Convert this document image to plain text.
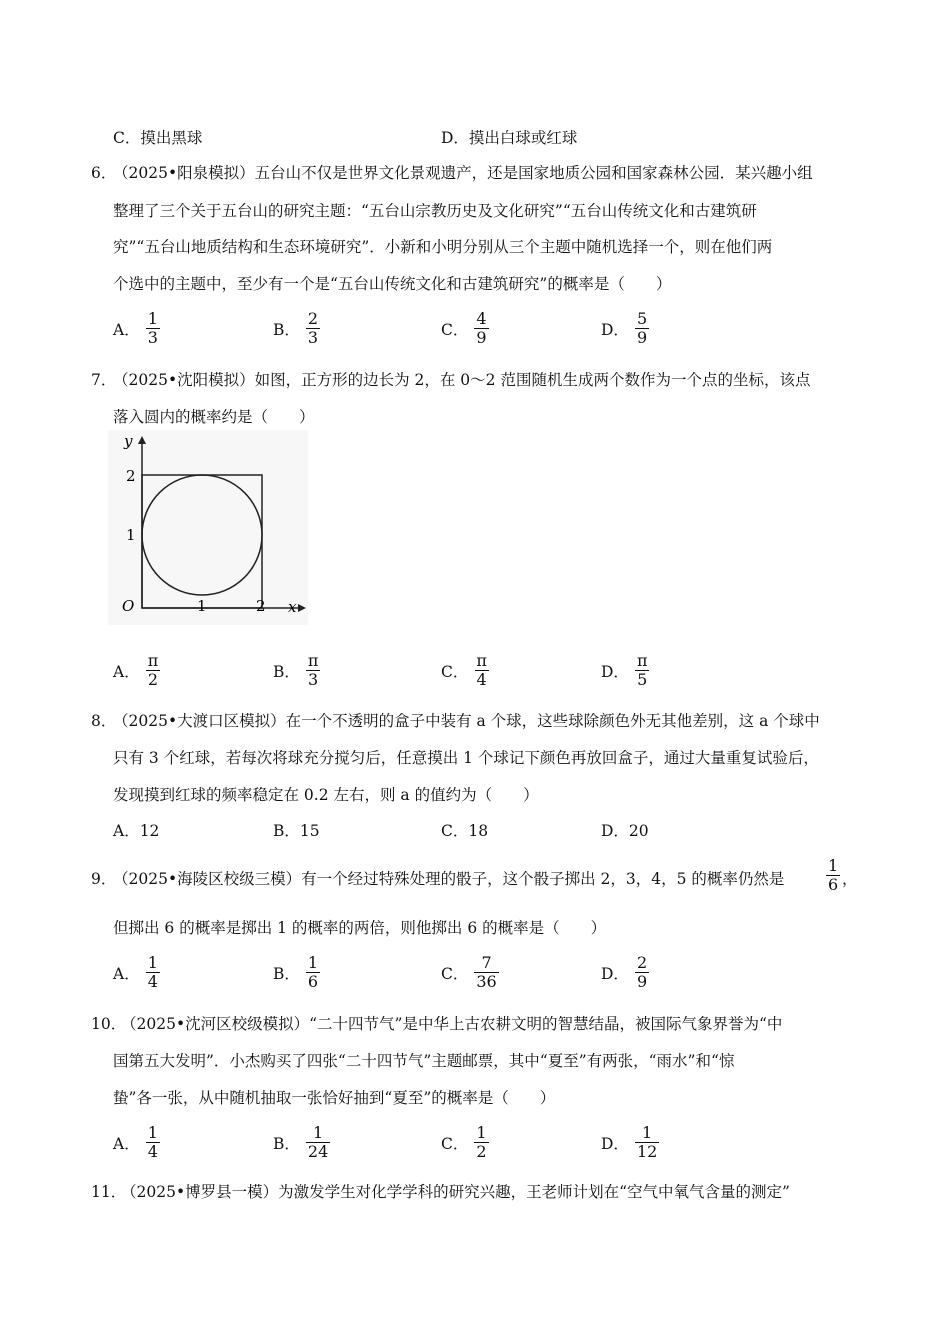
C．摸出黑球	D．摸出白球或红球
6．
（2025•阳泉模拟）五台山不仅是世界文化景观遗产，还是国家地质公园和国家森林公园．某兴趣小组
整理了三个关于五台山的研究主题：“五台山宗教历史及文化研究”“五台山传统文化和古建筑研
究”“五台山地质结构和生态环境研究”．小新和小明分别从三个主题中随机选择一个，则在他们两
个选中的主题中，至少有一个是“五台山传统文化和古建筑研究”的概率是（　　）
A． $\frac{1}{3}$	B． $\frac{2}{3}$	C． $\frac{4}{9}$	D． $\frac{5}{9}$
7．
（2025•沈阳模拟）如图，正方形的边长为 2，在 0～2 范围随机生成两个数作为一个点的坐标，该点
落入圆内的概率约是（　　）
y
x
O
2
1
1	2
A． $\frac{\pi}{2}$	B． $\frac{\pi}{3}$	C． $\frac{\pi}{4}$	D． $\frac{\pi}{5}$
8．
（2025•大渡口区模拟）在一个不透明的盒子中装有 a 个球，这些球除颜色外无其他差别，这 a 个球中
只有 3 个红球，若每次将球充分搅匀后，任意摸出 1 个球记下颜色再放回盒子，通过大量重复试验后，
发现摸到红球的频率稳定在 0.2 左右，则 a 的值约为（　　）
A．12	B．15	C．18	D．20
9．
（2025•海陵区校级三模）有一个经过特殊处理的骰子，这个骰子掷出 2，3，4，5 的概率仍然是	$\frac{1}{6}$ ，
但掷出 6 的概率是掷出 1 的概率的两倍，则他掷出 6 的概率是（　　）
A． $\frac{1}{4}$	B． $\frac{1}{6}$	C． $\frac{7}{36}$	D． $\frac{2}{9}$
10．
（2025•沈河区校级模拟）“二十四节气”是中华上古农耕文明的智慧结晶，被国际气象界誉为“中
国第五大发明”．小杰购买了四张“二十四节气”主题邮票，其中“夏至”有两张，“雨水”和“惊
蛰”各一张，从中随机抽取一张恰好抽到“夏至”的概率是（　　）
A． $\frac{1}{4}$	B． $\frac{1}{24}$	C． $\frac{1}{2}$	D． $\frac{1}{12}$
11．
（2025•博罗县一模）为激发学生对化学学科的研究兴趣，王老师计划在“空气中氧气含量的测定”
